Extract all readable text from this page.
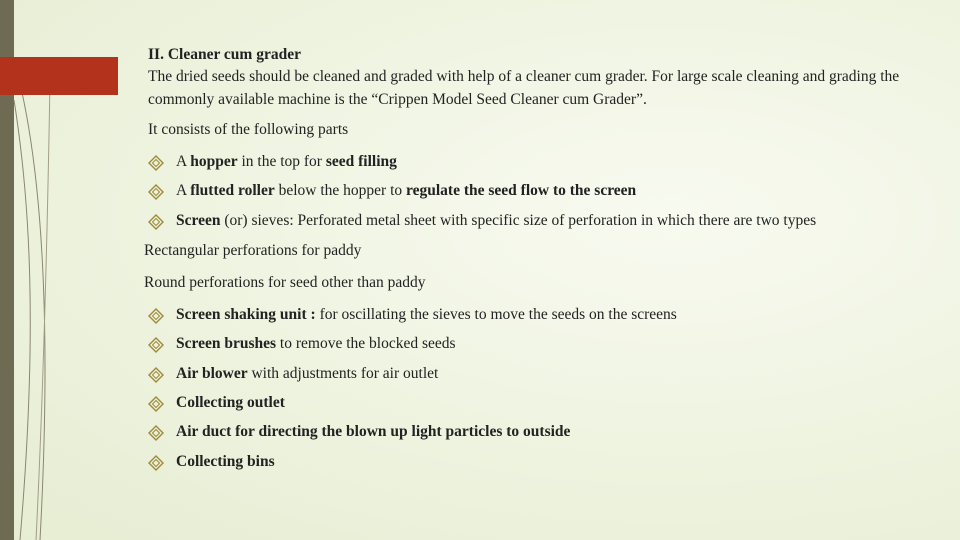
II. Cleaner cum grader

The dried seeds should be cleaned and graded with help of a cleaner cum grader. For large scale cleaning and grading the commonly available machine is the “Crippen Model Seed Cleaner cum Grader”.

It consists of the following parts

A hopper in the top for seed filling
A flutted roller below the hopper to regulate the seed flow to the screen
Screen (or) sieves: Perforated metal sheet with specific size of perforation in which there are two types

Rectangular perforations for paddy

Round perforations for seed other than paddy

Screen shaking unit : for oscillating the sieves to move the seeds on the screens
Screen brushes to remove the blocked seeds
Air blower with adjustments for air outlet
Collecting outlet
Air duct for directing the blown up light particles to outside
Collecting bins
